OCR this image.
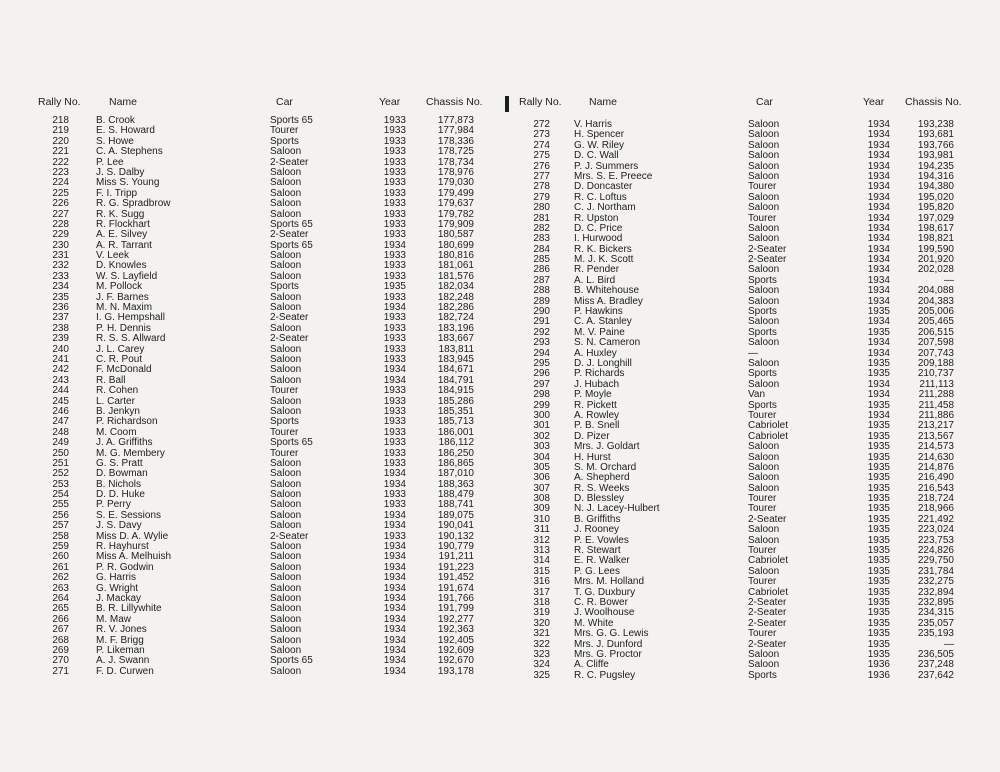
Rally No.	Name	Car	Year Chassis No.
218	B. Crook	Sports 65	1933	177,873
219	E. S. Howard	Tourer	1933	177,984
220	S. Howe	Sports	1933	178,336
221	C. A. Stephens	Saloon	1933	178,725
222	P. Lee	2-Seater	1933	178,734
223	J. S. Dalby	Saloon	1933	178,976
224	Miss S. Young	Saloon	1933	179,030
225	F. I. Tripp	Saloon	1933	179,499
226	R. G. Spradbrow	Saloon	1933	179,637
227	R. K. Sugg	Saloon	1933	179,782
228	R. Flockhart	Sports 65	1933	179,909
229	A. E. Silvey	2-Seater	1933	180,587
230	A. R. Tarrant	Sports 65	1934	180,699
231	V. Leek	Saloon	1933	180,816
232	D. Knowles	Saloon	1933	181,061
233	W. S. Layfield	Saloon	1933	181,576
234	M. Pollock	Sports	1935	182,034
235	J. F. Barnes	Saloon	1933	182,248
236	M. N. Maxim	Saloon	1934	182,286
237	I. G. Hempshall	2-Seater	1933	182,724
238	P. H. Dennis	Saloon	1933	183,196
239	R. S. S. Allward	2-Seater	1933	183,667
240	J. L. Carey	Saloon	1933	183,811
241	C. R. Pout	Saloon	1933	183,945
242	F. McDonald	Saloon	1934	184,671
243	R. Ball	Saloon	1934	184,791
244	R. Cohen	Tourer	1933	184,915
245	L. Carter	Saloon	1933	185,286
246	B. Jenkyn	Saloon	1933	185,351
247	P. Richardson	Sports	1933	185,713
248	M. Coom	Tourer	1933	186,001
249	J. A. Griffiths	Sports 65	1933	186,112
250	M. G. Membery	Tourer	1933	186,250
251	G. S. Pratt	Saloon	1933	186,865
252	D. Bowman	Saloon	1934	187,010
253	B. Nichols	Saloon	1934	188,363
254	D. D. Huke	Saloon	1933	188,479
255	P. Perry	Saloon	1933	188,741
256	S. E. Sessions	Saloon	1934	189,075
257	J. S. Davy	Saloon	1934	190,041
258	Miss D. A. Wylie	2-Seater	1933	190,132
259	R. Hayhurst	Saloon	1934	190,779
260	Miss A. Melhuish	Saloon	1934	191,211
261	P. R. Godwin	Saloon	1934	191,223
262	G. Harris	Saloon	1934	191,452
263	G. Wright	Saloon	1934	191,674
264	J. Mackay	Saloon	1934	191,766
265	B. R. Lillywhite	Saloon	1934	191,799
266	M. Maw	Saloon	1934	192,277
267	R. V. Jones	Saloon	1934	192,363
268	M. F. Brigg	Saloon	1934	192,405
269	P. Likeman	Saloon	1934	192,609
270	A. J. Swann	Sports 65	1934	192,670
271	F. D. Curwen	Saloon	1934	193,178
Rally No.	Name	Car	Year Chassis No.
272 V. Harris	Saloon	1934	193,238
273 H. Spencer	Saloon	1934	193,681
274 G. W. Riley	Saloon	1934	193,766
275 D. C. Wall	Saloon	1934	193,981
276 P. J. Summers	Saloon	1934	194,235
277 Mrs. S. E. Preece	Saloon	1934	194,316
278 D. Doncaster	Tourer	1934	194,380
279 R. C. Loftus	Saloon	1934	195,020
280 C. J. Northam	Saloon	1934	195,820
281 R. Upston	Tourer	1934	197,029
282 D. C. Price	Saloon	1934	198,617
283 I. Hurwood	Saloon	1934	198,821
284 R. K. Bickers	2-Seater	1934	199,590
285 M. J. K. Scott	2-Seater	1934	201,920
286 R. Pender	Saloon	1934	202,028
287 A. L. Bird	Sports	1934	—
288 B. Whitehouse	Saloon	1934	204,088
289 Miss A. Bradley	Saloon	1934	204,383
290 P. Hawkins	Sports	1935	205,006
291 C. A. Stanley	Saloon	1934	205,465
292 M. V. Paine	Sports	1935	206,515
293 S. N. Cameron	Saloon	1934	207,598
294 A. Huxley	—	1934	207,743
295 D. J. Longhill	Saloon	1935	209,188
296 P. Richards	Sports	1935	210,737
297 J. Hubach	Saloon	1934	211,113
298 P. Moyle	Van	1934	211,288
299 R. Pickett	Sports	1935	211,458
300 A. Rowley	Tourer	1934	211,886
301 P. B. Snell	Cabriolet	1935	213,217
302 D. Pizer	Cabriolet	1935	213,567
303 Mrs. J. Goldart	Saloon	1935	214,573
304 H. Hurst	Saloon	1935	214,630
305 S. M. Orchard	Saloon	1935	214,876
306 A. Shepherd	Saloon	1935	216,490
307 R. S. Weeks	Saloon	1935	216,543
308 D. Blessley	Tourer	1935	218,724
309 N. J. Lacey-Hulbert	Tourer	1935	218,966
310 B. Griffiths	2-Seater	1935	221,492
311 J. Rooney	Saloon	1935	223,024
312 P. E. Vowles	Saloon	1935	223,753
313 R. Stewart	Tourer	1935	224,826
314 E. R. Walker	Cabriolet	1935	229,750
315 P. G. Lees	Saloon	1935	231,784
316 Mrs. M. Holland	Tourer	1935	232,275
317 T. G. Duxbury	Cabriolet	1935	232,894
318 C. R. Bower	2-Seater	1935	232,895
319 J. Woolhouse	2-Seater	1935	234,315
320 M. White	2-Seater	1935	235,057
321 Mrs. G. G. Lewis	Tourer	1935	235,193
322 Mrs. J. Dunford	2-Seater	1935	—
323 Mrs. G. Proctor	Saloon	1935	236,505
324 A. Cliffe	Saloon	1936	237,248
325 R. C. Pugsley	Sports	1936	237,642
